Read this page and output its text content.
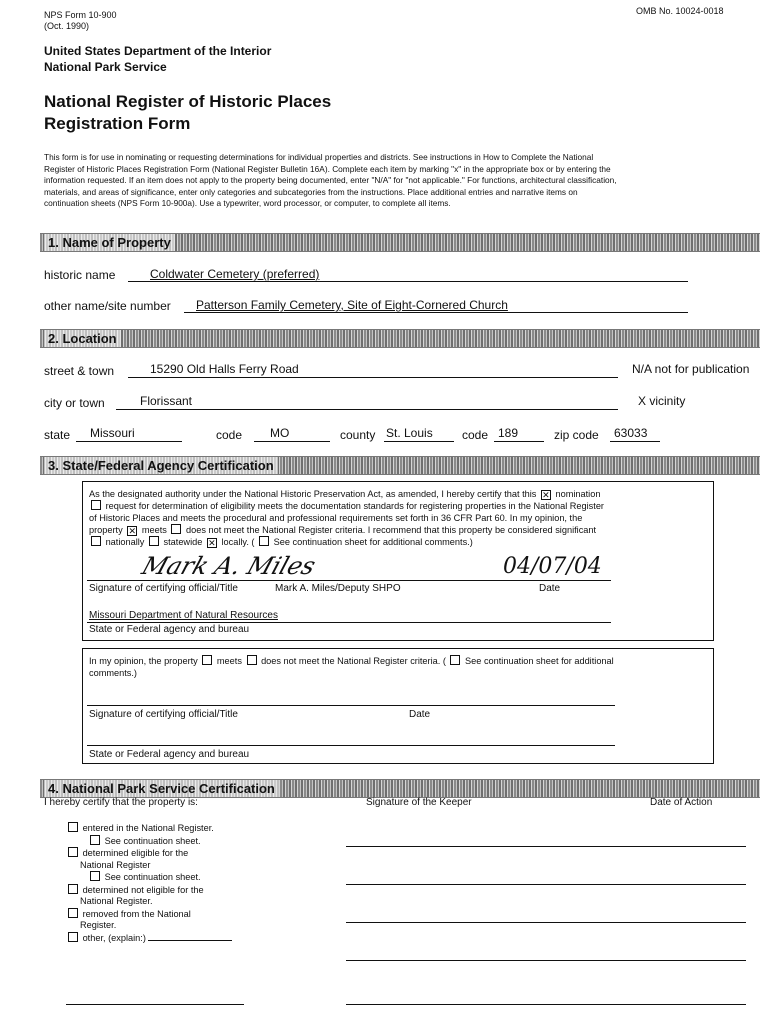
NPS Form 10-900
(Oct. 1990)
OMB No. 10024-0018
United States Department of the Interior
National Park Service
National Register of Historic Places
Registration Form
This form is for use in nominating or requesting determinations for individual properties and districts. See instructions in How to Complete the National
Register of Historic Places Registration Form (National Register Bulletin 16A). Complete each item by marking "x" in the appropriate box or by entering the
information requested. If an item does not apply to the property being documented, enter "N/A" for "not applicable." For functions, architectural classification,
materials, and areas of significance, enter only categories and subcategories from the instructions. Place additional entries and narrative items on
continuation sheets (NPS Form 10-900a). Use a typewriter, word processor, or computer, to complete all items.
1. Name of Property
historic name	Coldwater Cemetery (preferred)
other name/site number Patterson Family Cemetery, Site of Eight-Cornered Church
2. Location
street & town	15290 Old Halls Ferry Road	N/A not for publication
city or town	Florissant	X vicinity
state Missouri	code MO	county St. Louis code 189	zip code 63033
3. State/Federal Agency Certification
As the designated authority under the National Historic Preservation Act, as amended, I hereby certify that this ✕ nomination
request for determination of eligibility meets the documentation standards for registering properties in the National Register
of Historic Places and meets the procedural and professional requirements set forth in 36 CFR Part 60. In my opinion, the
property ✕ meets does not meet the National Register criteria. I recommend that this property be considered significant
nationally statewide ✕ locally. ( See continuation sheet for additional comments.)
Mark A. Miles	04/07/04
Signature of certifying official/Title	Mark A. Miles/Deputy SHPO	Date
Missouri Department of Natural Resources
State or Federal agency and bureau
In my opinion, the property meets does not meet the National Register criteria. ( See continuation sheet for additional
comments.)
Signature of certifying official/Title	Date
State or Federal agency and bureau
4. National Park Service Certification
I hereby certify that the property is:	Signature of the Keeper	Date of Action
entered in the National Register.
See continuation sheet.
determined eligible for the
National Register
See continuation sheet.
determined not eligible for the
National Register.
removed from the National
Register.
other, (explain:)
